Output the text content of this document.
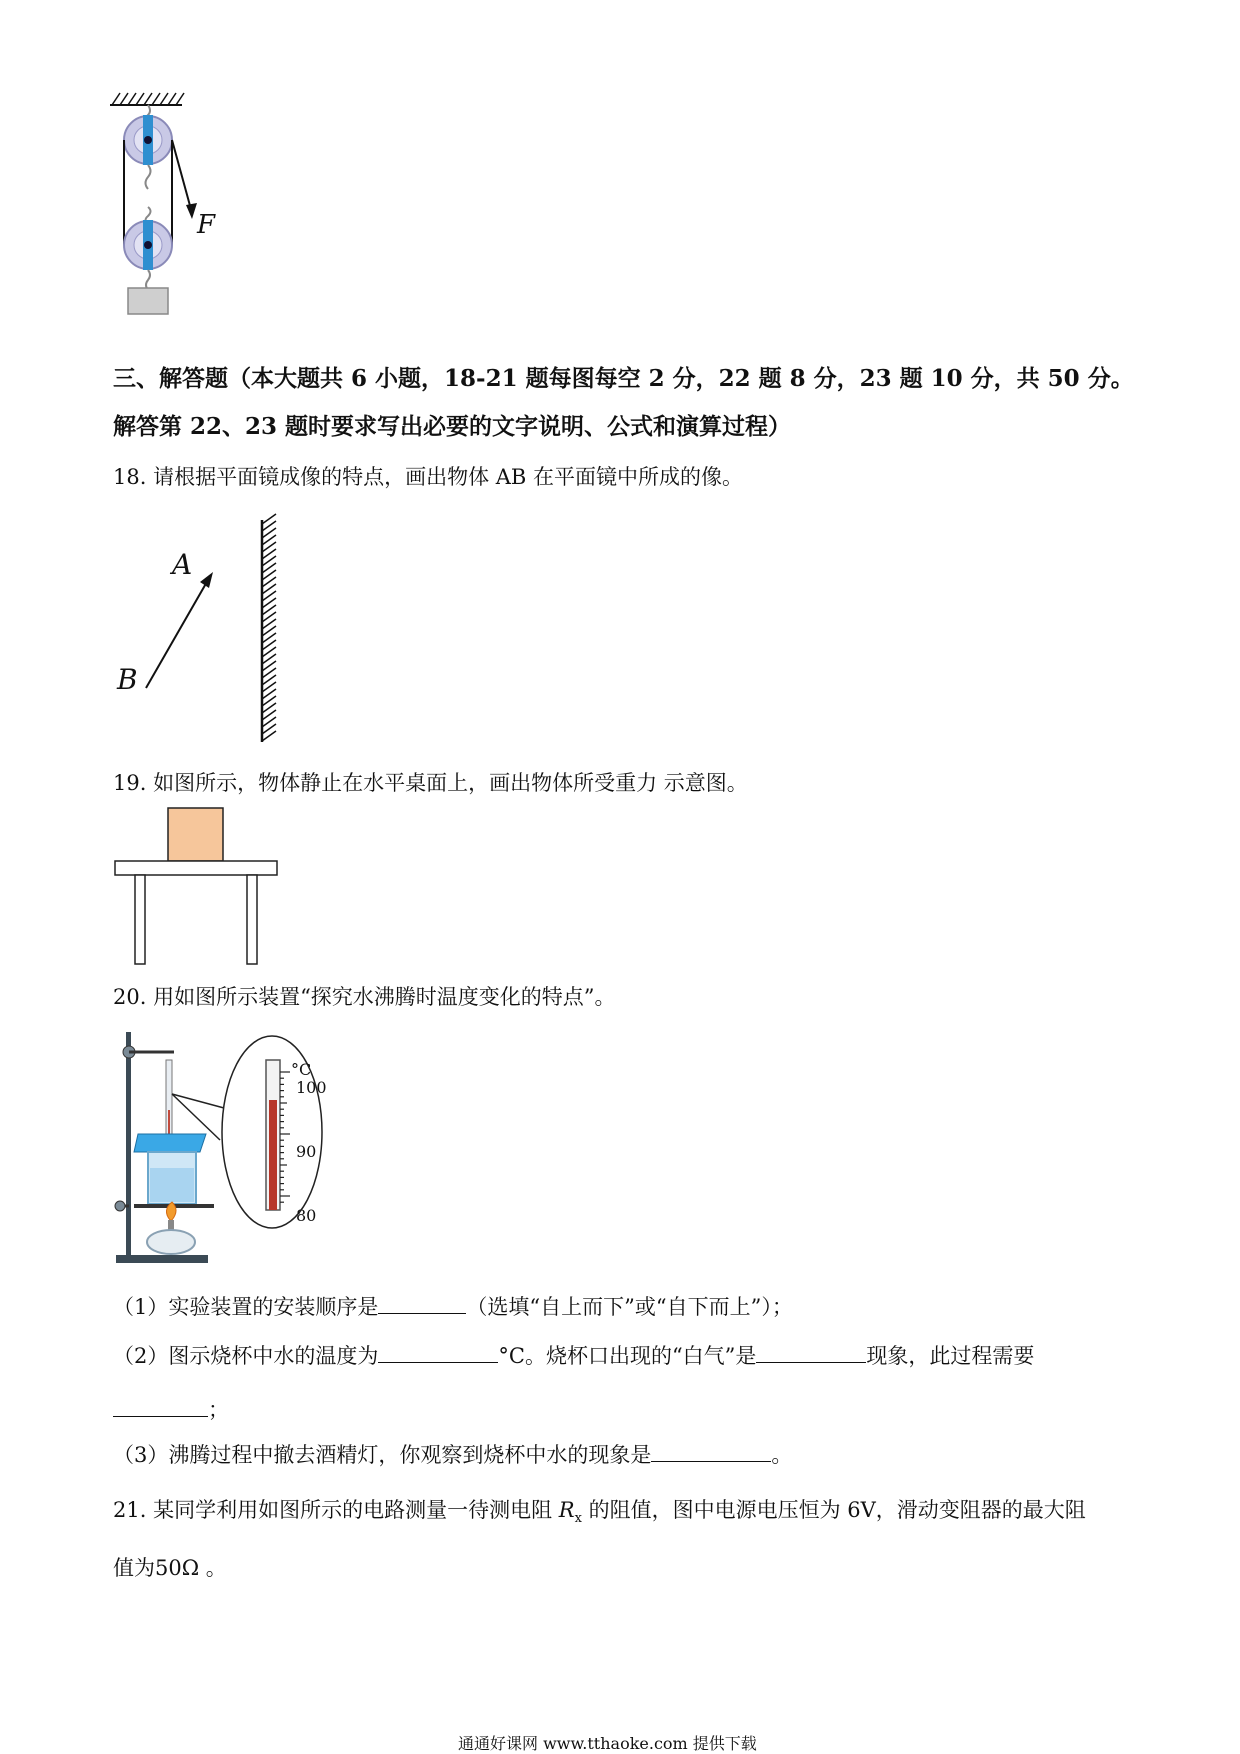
F
三、解答题（本大题共 6 小题，18-21 题每图每空 2 分，22 题 8 分，23 题 10 分，共 50 分。
解答第 22、23 题时要求写出必要的文字说明、公式和演算过程）
18. 请根据平面镜成像的特点，画出物体 AB 在平面镜中所成的像。
A
B
19. 如图所示，物体静止在水平桌面上，画出物体所受重力 示意图。
20. 用如图所示装置“探究水沸腾时温度变化的特点”。
°C
100
90
80
（1）实验装置的安装顺序是	（选填“自上而下”或“自下而上”）；
（2）图示烧杯中水的温度为	°C。烧杯口出现的“白气”是	现象，此过程需要
；
（3）沸腾过程中撤去酒精灯，你观察到烧杯中水的现象是	。
21. 某同学利用如图所示的电路测量一待测电阻 $R_x$ 的阻值，图中电源电压恒为 6V，滑动变阻器的最大阻
值为50Ω 。
通通好课网 www.tthaoke.com 提供下载
